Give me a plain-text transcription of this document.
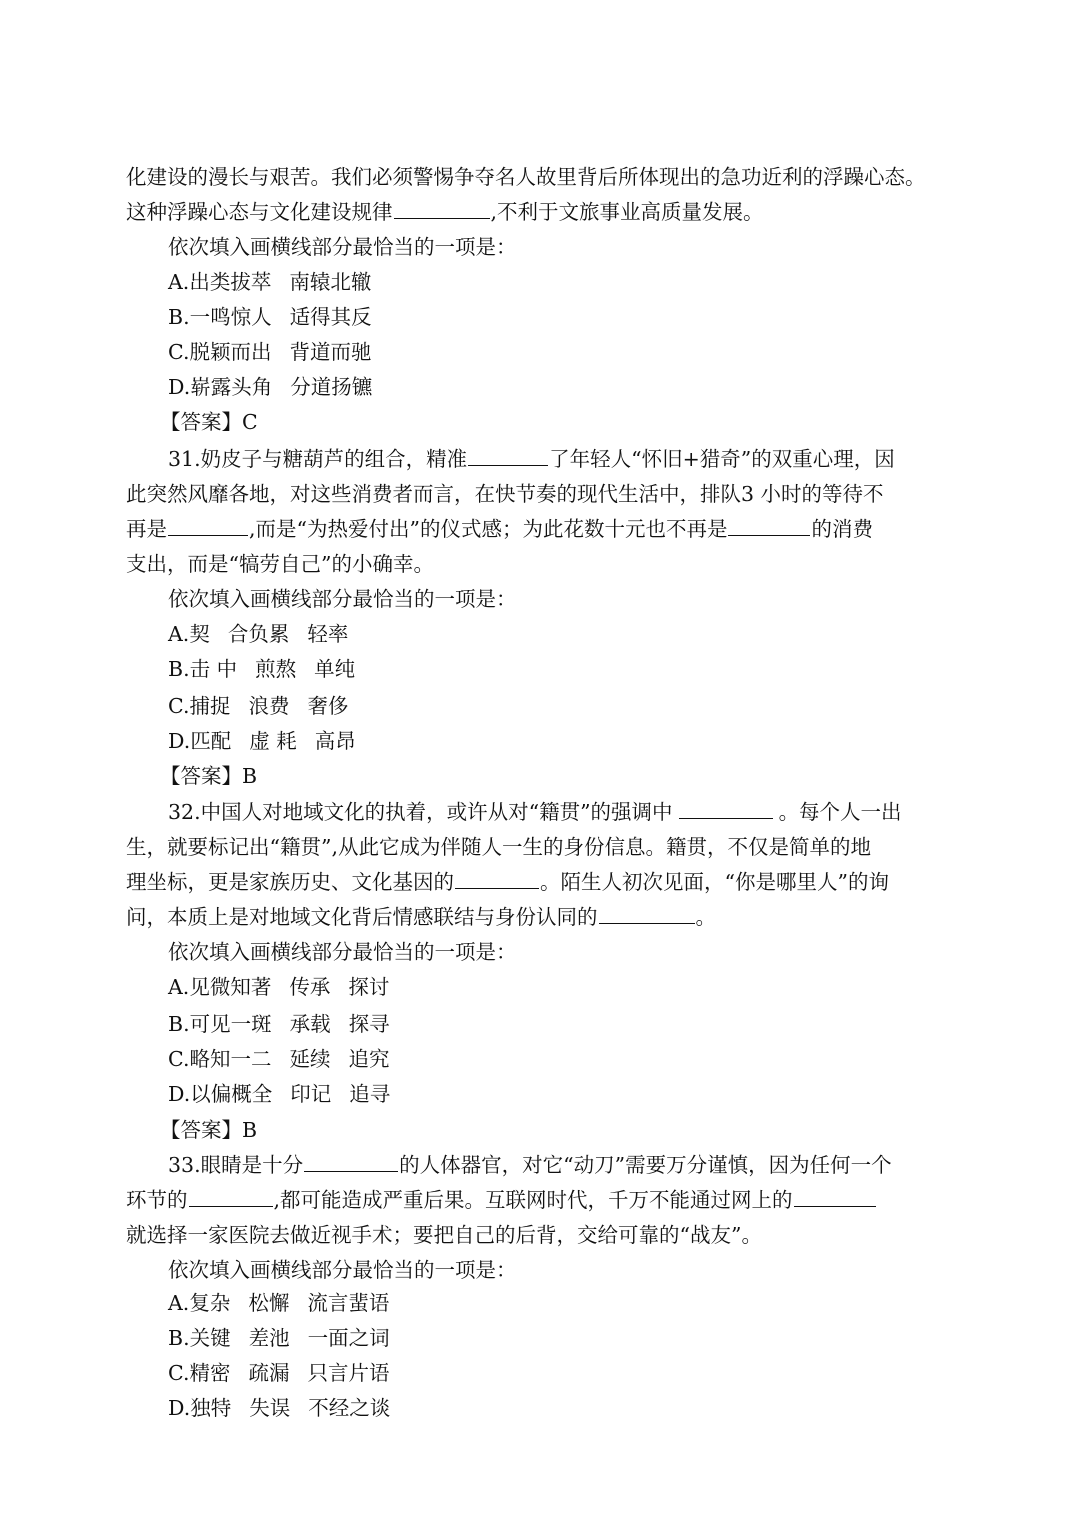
化建设的漫长与艰苦。我们必须警惕争夺名人故里背后所体现出的急功近利的浮躁心态。
这种浮躁心态与文化建设规律	,不利于文旅事业高质量发展。
依次填入画横线部分最恰当的一项是：
A.出类拔萃 南辕北辙
B.一鸣惊人 适得其反
C.脱颖而出 背道而驰
D.崭露头角 分道扬镳
【答案】C
31.奶皮子与糖葫芦的组合，精准	了年轻人“怀旧+猎奇”的双重心理，因
此突然风靡各地，对这些消费者而言，在快节奏的现代生活中，排队3 小时的等待不
再是	,而是“为热爱付出”的仪式感；为此花数十元也不再是	的消费
支出，而是“犒劳自己”的小确幸。
依次填入画横线部分最恰当的一项是：
A.契 合负累 轻率
B.击 中 煎熬 单纯
C.捕捉 浪费 奢侈
D.匹配 虚 耗 高昂
【答案】B
32.中国人对地域文化的执着，或许从对“籍贯”的强调中	。每个人一出
生，就要标记出“籍贯”,从此它成为伴随人一生的身份信息。籍贯，不仅是简单的地
理坐标，更是家族历史、文化基因的	。陌生人初次见面，“你是哪里人”的询
问，本质上是对地域文化背后情感联结与身份认同的	。
依次填入画横线部分最恰当的一项是：
A.见微知著 传承 探讨
B.可见一斑 承载 探寻
C.略知一二 延续 追究
D.以偏概全 印记 追寻
【答案】B
33.眼睛是十分	的人体器官，对它“动刀”需要万分谨慎，因为任何一个
环节的	,都可能造成严重后果。互联网时代，千万不能通过网上的
就选择一家医院去做近视手术；要把自己的后背，交给可靠的“战友”。
依次填入画横线部分最恰当的一项是：
A.复杂 松懈 流言蜚语
B.关键 差池 一面之词
C.精密 疏漏 只言片语
D.独特 失误 不经之谈
